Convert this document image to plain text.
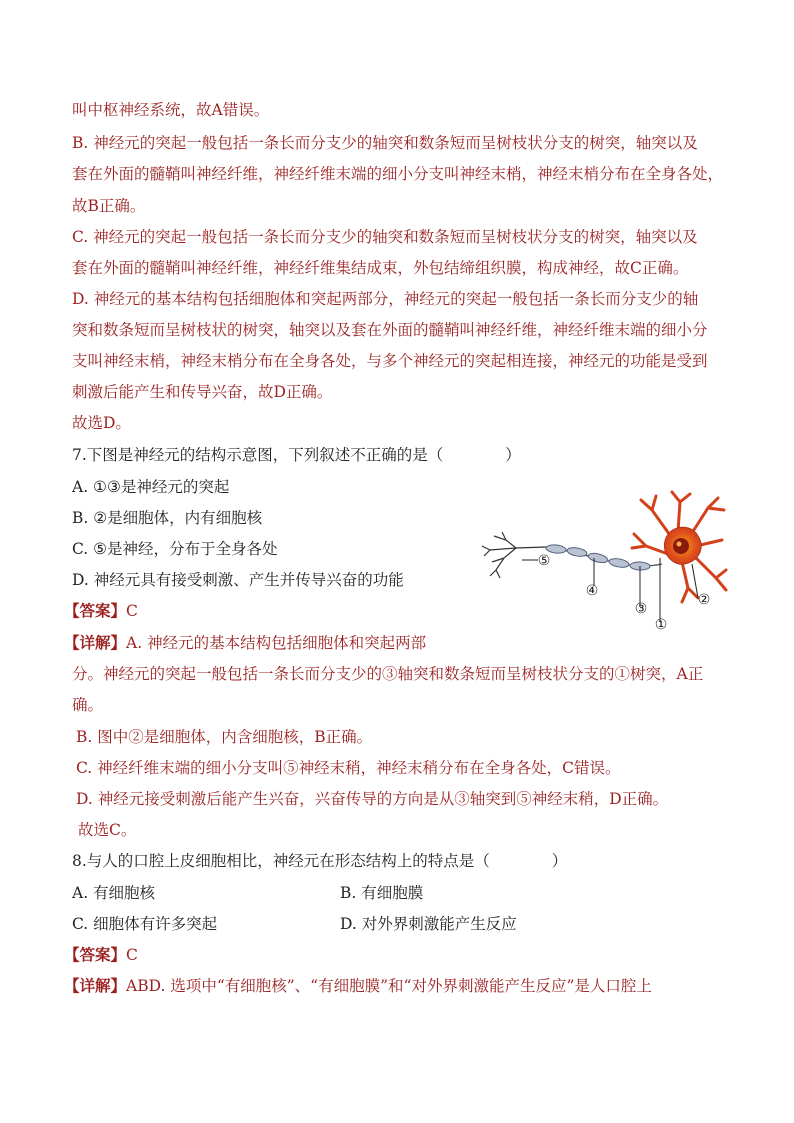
叫中枢神经系统，故A错误。
B. 神经元的突起一般包括一条长而分支少的轴突和数条短而呈树枝状分支的树突，轴突以及
套在外面的髓鞘叫神经纤维，神经纤维末端的细小分支叫神经末梢，神经末梢分布在全身各处，
故B正确。
C. 神经元的突起一般包括一条长而分支少的轴突和数条短而呈树枝状分支的树突，轴突以及
套在外面的髓鞘叫神经纤维，神经纤维集结成束，外包结缔组织膜，构成神经，故C正确。
D. 神经元的基本结构包括细胞体和突起两部分，神经元的突起一般包括一条长而分支少的轴
突和数条短而呈树枝状的树突，轴突以及套在外面的髓鞘叫神经纤维，神经纤维末端的细小分
支叫神经末梢，神经末梢分布在全身各处，与多个神经元的突起相连接，神经元的功能是受到
刺激后能产生和传导兴奋，故D正确。
故选D。
7.下图是神经元的结构示意图，下列叙述不正确的是（　　　　）
A. ①③是神经元的突起
B. ②是细胞体，内有细胞核
C. ⑤是神经，分布于全身各处
D. 神经元具有接受刺激、产生并传导兴奋的功能
【答案】C
【详解】A. 神经元的基本结构包括细胞体和突起两部
分。神经元的突起一般包括一条长而分支少的③轴突和数条短而呈树枝状分支的①树突，A正
确。
B. 图中②是细胞体，内含细胞核，B正确。
C. 神经纤维末端的细小分支叫⑤神经末稍，神经末稍分布在全身各处，C错误。
D. 神经元接受刺激后能产生兴奋，兴奋传导的方向是从③轴突到⑤神经末稍，D正确。
故选C。
⑤
④
③
②
①
8.与人的口腔上皮细胞相比，神经元在形态结构上的特点是（　　　　）
A. 有细胞核	B. 有细胞膜
C. 细胞体有许多突起	D. 对外界刺激能产生反应
【答案】C
【详解】ABD. 选项中“有细胞核”、“有细胞膜”和“对外界刺激能产生反应”是人口腔上
